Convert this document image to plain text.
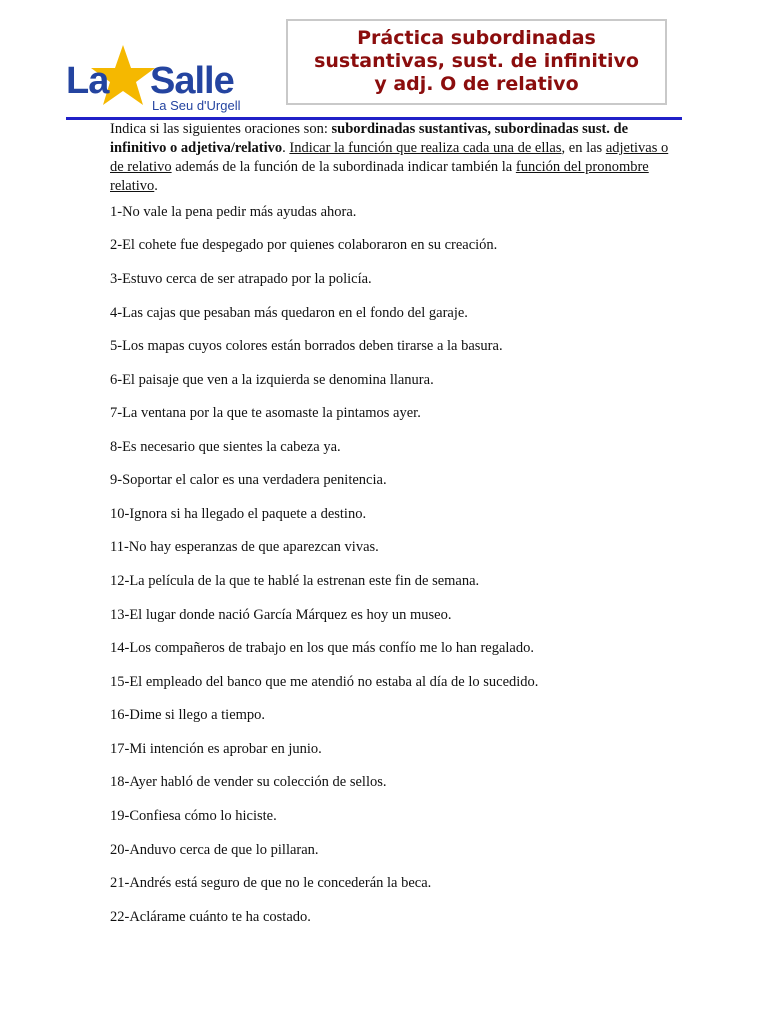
La Salle
La Seu d'Urgell
Práctica subordinadas
sustantivas, sust. de infinitivo
y adj. O de relativo

Indica si las siguientes oraciones son: subordinadas sustantivas, subordinadas sust. de infinitivo o adjetiva/relativo. Indicar la función que realiza cada una de ellas, en las adjetivas o de relativo además de la función de la subordinada indicar también la función del pronombre relativo.

1-No vale la pena pedir más ayudas ahora.
2-El cohete fue despegado por quienes colaboraron en su creación.
3-Estuvo cerca de ser atrapado por la policía.
4-Las cajas que pesaban más quedaron en el fondo del garaje.
5-Los mapas cuyos colores están borrados deben tirarse a la basura.
6-El paisaje que ven a la izquierda se denomina llanura.
7-La ventana por la que te asomaste la pintamos ayer.
8-Es necesario que sientes la cabeza ya.
9-Soportar el calor es una verdadera penitencia.
10-Ignora si ha llegado el paquete a destino.
11-No hay esperanzas de que aparezcan vivas.
12-La película de la que te hablé la estrenan este fin de semana.
13-El lugar donde nació García Márquez es hoy un museo.
14-Los compañeros de trabajo en los que más confío me lo han regalado.
15-El empleado del banco que me atendió no estaba al día de lo sucedido.
16-Dime si llego a tiempo.
17-Mi intención es aprobar en junio.
18-Ayer habló de vender su colección de sellos.
19-Confiesa cómo lo hiciste.
20-Anduvo cerca de que lo pillaran.
21-Andrés está seguro de que no le concederán la beca.
22-Aclárame cuánto te ha costado.
